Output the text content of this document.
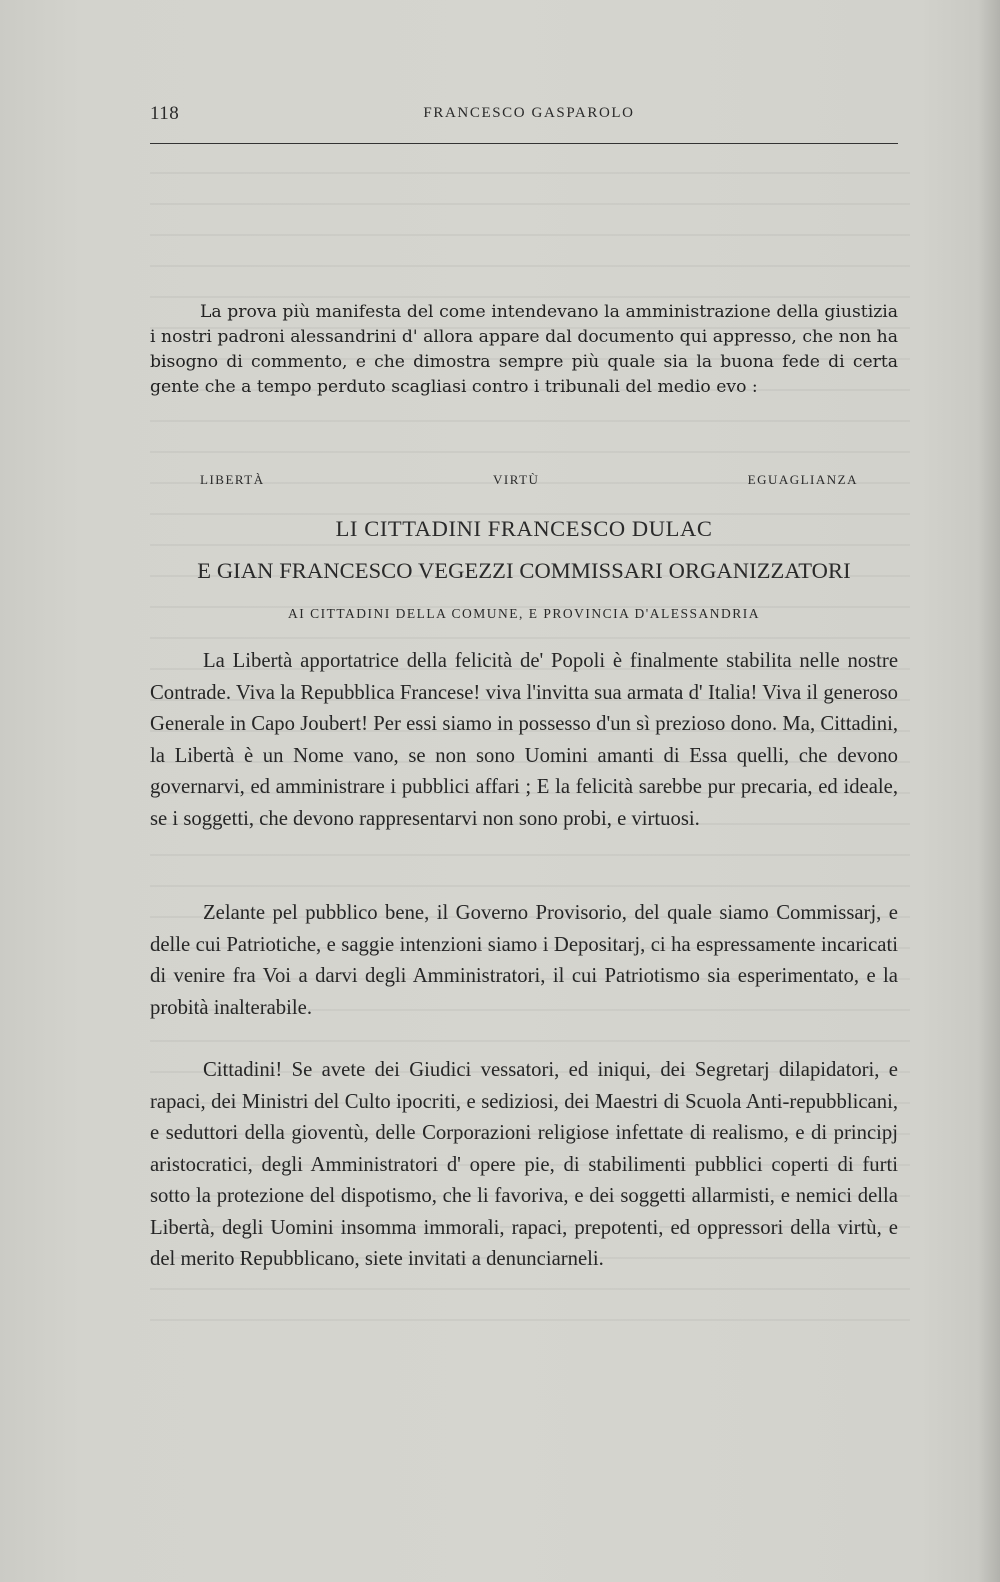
118	FRANCESCO GASPAROLO

La prova più manifesta del come intendevano la amministrazione della giustizia i nostri padroni alessandrini d' allora appare dal documento qui appresso, che non ha bisogno di commento, e che dimostra sempre più quale sia la buona fede di certa gente che a tempo perduto scagliasi contro i tribunali del medio evo :

LIBERTÀ	VIRTÙ	EGUAGLIANZA
LI CITTADINI FRANCESCO DULAC
E GIAN FRANCESCO VEGEZZI COMMISSARI ORGANIZZATORI
AI CITTADINI DELLA COMUNE, E PROVINCIA D'ALESSANDRIA

La Libertà apportatrice della felicità de' Popoli è finalmente stabilita nelle nostre Contrade. Viva la Repubblica Francese! viva l'invitta sua armata d' Italia! Viva il generoso Generale in Capo Joubert! Per essi siamo in possesso d'un sì prezioso dono. Ma, Cittadini, la Libertà è un Nome vano, se non sono Uomini amanti di Essa quelli, che devono governarvi, ed amministrare i pubblici affari ; E la felicità sarebbe pur precaria, ed ideale, se i soggetti, che devono rappresentarvi non sono probi, e virtuosi.

Zelante pel pubblico bene, il Governo Provisorio, del quale siamo Commissarj, e delle cui Patriotiche, e saggie intenzioni siamo i Depositarj, ci ha espressamente incaricati di venire fra Voi a darvi degli Amministratori, il cui Patriotismo sia esperimentato, e la probità inalterabile.

Cittadini! Se avete dei Giudici vessatori, ed iniqui, dei Segretarj dilapidatori, e rapaci, dei Ministri del Culto ipocriti, e sediziosi, dei Maestri di Scuola Anti-repubblicani, e seduttori della gioventù, delle Corporazioni religiose infettate di realismo, e di principj aristocratici, degli Amministratori d' opere pie, di stabilimenti pubblici coperti di furti sotto la protezione del dispotismo, che li favoriva, e dei soggetti allarmisti, e nemici della Libertà, degli Uomini insomma immorali, rapaci, prepotenti, ed oppressori della virtù, e del merito Repubblicano, siete invitati a denunciarneli.
